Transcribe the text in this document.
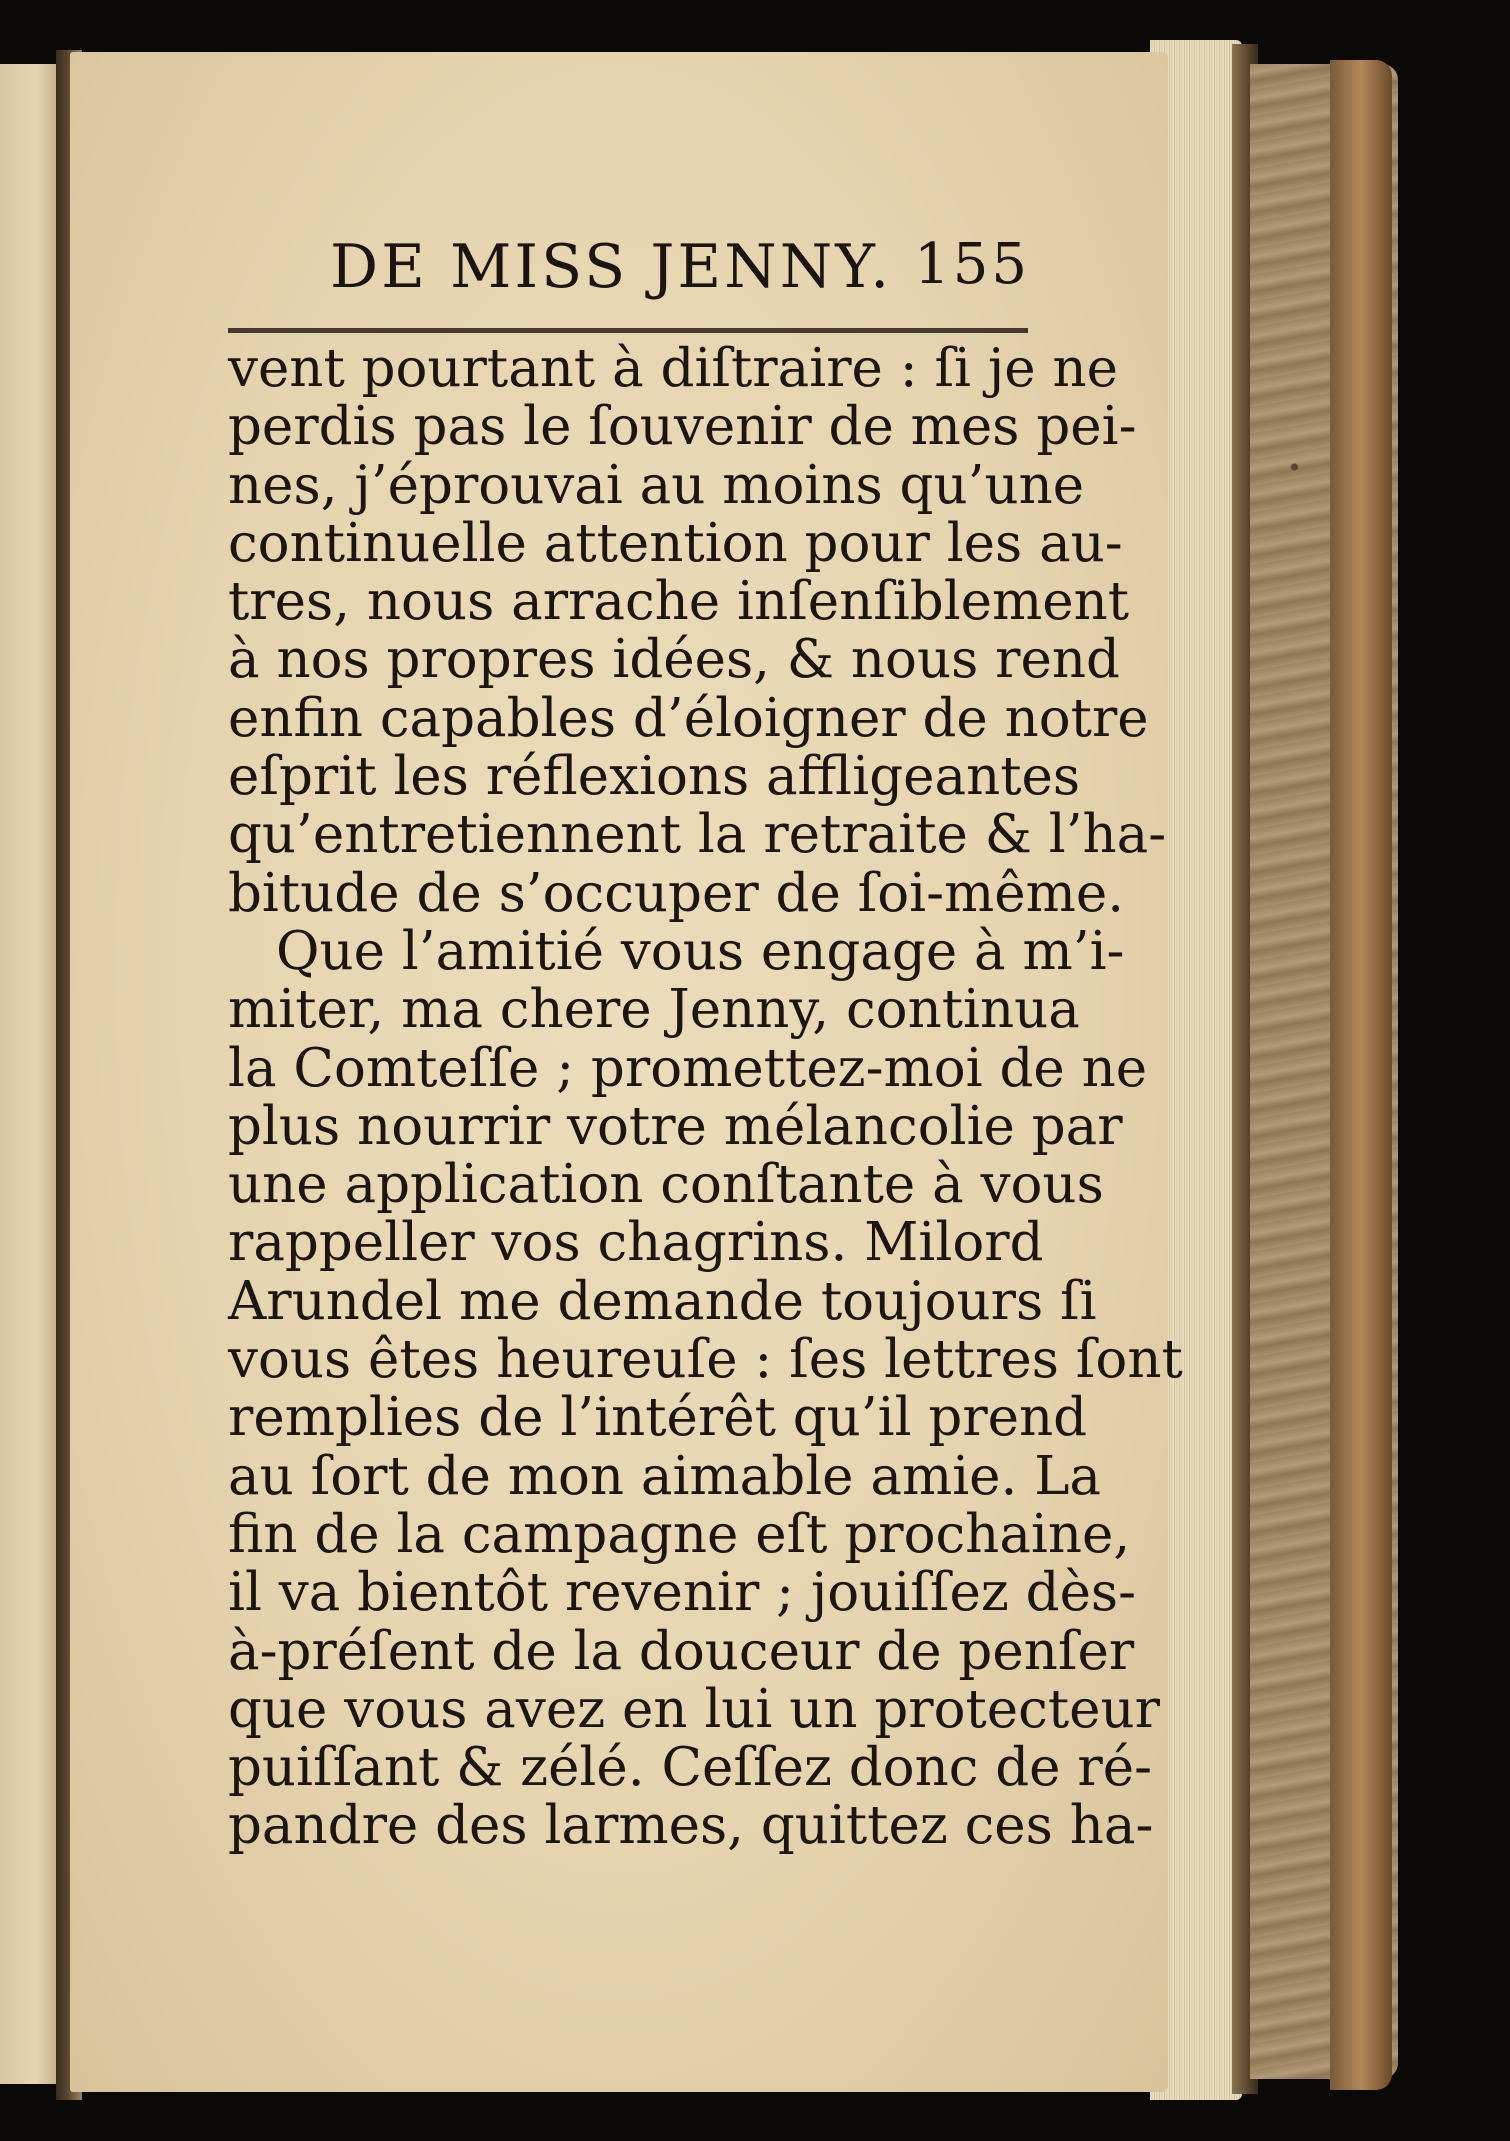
DE MISS JENNY. 155
vent pourtant à diſtraire : ſi je ne
perdis pas le ſouvenir de mes pei-
nes, j’éprouvai au moins qu’une
continuelle attention pour les au-
tres, nous arrache inſenſiblement
à nos propres idées, & nous rend
enfin capables d’éloigner de notre
eſprit les réflexions affligeantes
qu’entretiennent la retraite & l’ha-
bitude de s’occuper de ſoi-même.
Que l’amitié vous engage à m’i-
miter, ma chere Jenny, continua
la Comteſſe ; promettez-moi de ne
plus nourrir votre mélancolie par
une application conſtante à vous
rappeller vos chagrins. Milord
Arundel me demande toujours ſi
vous êtes heureuſe : ſes lettres ſont
remplies de l’intérêt qu’il prend
au ſort de mon aimable amie. La
fin de la campagne eſt prochaine,
il va bientôt revenir ; jouiſſez dès-
à-préſent de la douceur de penſer
que vous avez en lui un protecteur
puiſſant & zélé. Ceſſez donc de ré-
pandre des larmes, quittez ces ha-
